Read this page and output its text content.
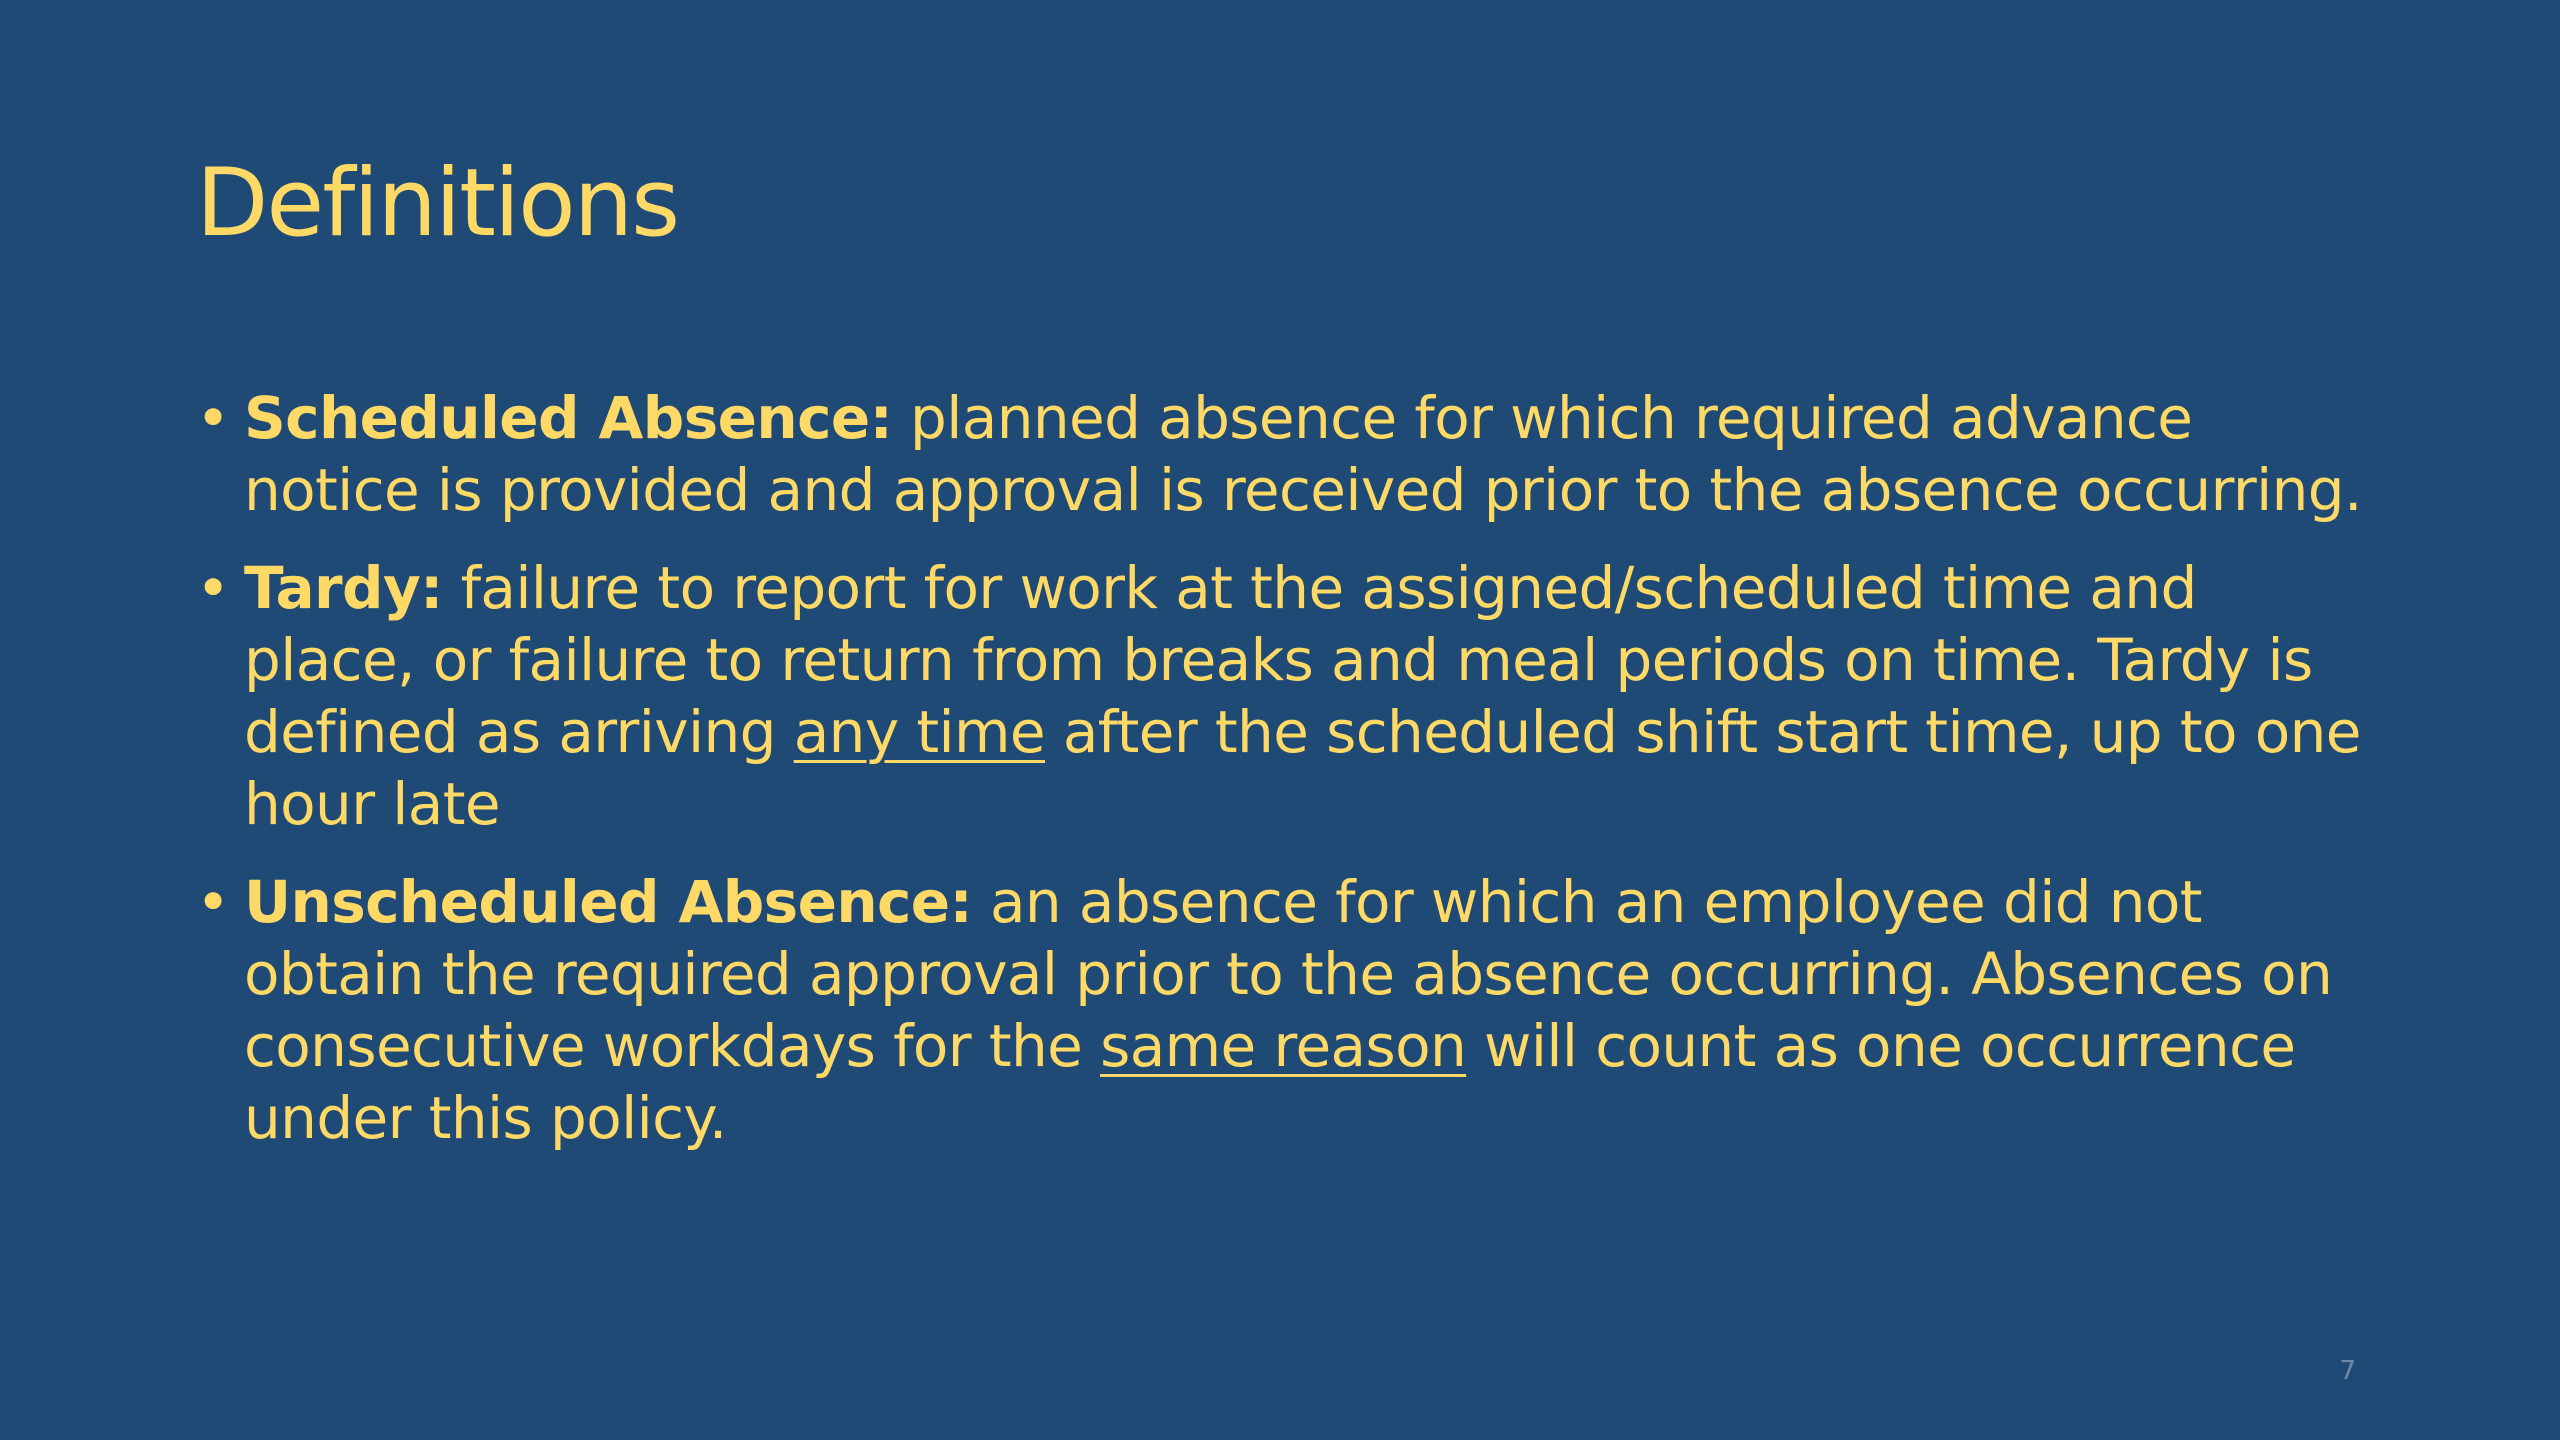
Definitions
• Scheduled Absence: planned absence for which required advance notice is provided and approval is received prior to the absence occurring.
• Tardy: failure to report for work at the assigned/scheduled time and place, or failure to return from breaks and meal periods on time. Tardy is defined as arriving any time after the scheduled shift start time, up to one hour late
• Unscheduled Absence: an absence for which an employee did not obtain the required approval prior to the absence occurring. Absences on consecutive workdays for the same reason will count as one occurrence under this policy.
7
